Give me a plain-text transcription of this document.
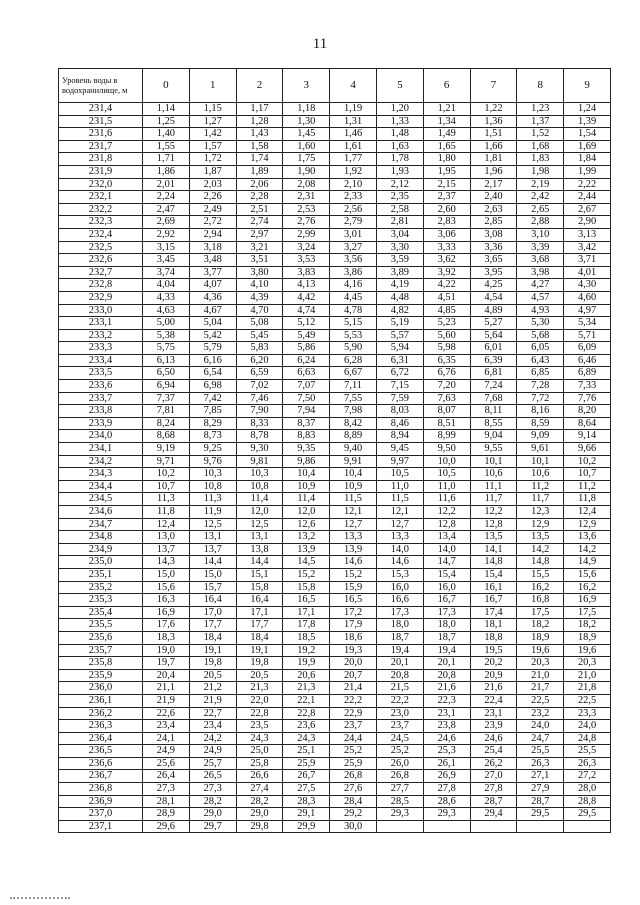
11
Уровень воды в водохранилище, м	0	1	2	3	4	5	6	7	8	9
231,4	1,14	1,15	1,17	1,18	1,19	1,20	1,21	1,22	1,23	1,24
231,5	1,25	1,27	1,28	1,30	1,31	1,33	1,34	1,36	1,37	1,39
231,6	1,40	1,42	1,43	1,45	1,46	1,48	1,49	1,51	1,52	1,54
231,7	1,55	1,57	1,58	1,60	1,61	1,63	1,65	1,66	1,68	1,69
231,8	1,71	1,72	1,74	1,75	1,77	1,78	1,80	1,81	1,83	1,84
231,9	1,86	1,87	1,89	1,90	1,92	1,93	1,95	1,96	1,98	1,99
232,0	2,01	2,03	2,06	2,08	2,10	2,12	2,15	2,17	2,19	2,22
232,1	2,24	2,26	2,28	2,31	2,33	2,35	2,37	2,40	2,42	2,44
232,2	2,47	2,49	2,51	2,53	2,56	2,58	2,60	2,63	2,65	2,67
232,3	2,69	2,72	2,74	2,76	2,79	2,81	2,83	2,85	2,88	2,90
232,4	2,92	2,94	2,97	2,99	3,01	3,04	3,06	3,08	3,10	3,13
232,5	3,15	3,18	3,21	3,24	3,27	3,30	3,33	3,36	3,39	3,42
232,6	3,45	3,48	3,51	3,53	3,56	3,59	3,62	3,65	3,68	3,71
232,7	3,74	3,77	3,80	3,83	3,86	3,89	3,92	3,95	3,98	4,01
232,8	4,04	4,07	4,10	4,13	4,16	4,19	4,22	4,25	4,27	4,30
232,9	4,33	4,36	4,39	4,42	4,45	4,48	4,51	4,54	4,57	4,60
233,0	4,63	4,67	4,70	4,74	4,78	4,82	4,85	4,89	4,93	4,97
233,1	5,00	5,04	5,08	5,12	5,15	5,19	5,23	5,27	5,30	5,34
233,2	5,38	5,42	5,45	5,49	5,53	5,57	5,60	5,64	5,68	5,71
233,3	5,75	5,79	5,83	5,86	5,90	5,94	5,98	6,01	6,05	6,09
233,4	6,13	6,16	6,20	6,24	6,28	6,31	6,35	6,39	6,43	6,46
233,5	6,50	6,54	6,59	6,63	6,67	6,72	6,76	6,81	6,85	6,89
233,6	6,94	6,98	7,02	7,07	7,11	7,15	7,20	7,24	7,28	7,33
233,7	7,37	7,42	7,46	7,50	7,55	7,59	7,63	7,68	7,72	7,76
233,8	7,81	7,85	7,90	7,94	7,98	8,03	8,07	8,11	8,16	8,20
233,9	8,24	8,29	8,33	8,37	8,42	8,46	8,51	8,55	8,59	8,64
234,0	8,68	8,73	8,78	8,83	8,89	8,94	8,99	9,04	9,09	9,14
234,1	9,19	9,25	9,30	9,35	9,40	9,45	9,50	9,55	9,61	9,66
234,2	9,71	9,76	9,81	9,86	9,91	9,97	10,0	10,1	10,1	10,2
234,3	10,2	10,3	10,3	10,4	10,4	10,5	10,5	10,6	10,6	10,7
234,4	10,7	10,8	10,8	10,9	10,9	11,0	11,0	11,1	11,2	11,2
234,5	11,3	11,3	11,4	11,4	11,5	11,5	11,6	11,7	11,7	11,8
234,6	11,8	11,9	12,0	12,0	12,1	12,1	12,2	12,2	12,3	12,4
234,7	12,4	12,5	12,5	12,6	12,7	12,7	12,8	12,8	12,9	12,9
234,8	13,0	13,1	13,1	13,2	13,3	13,3	13,4	13,5	13,5	13,6
234,9	13,7	13,7	13,8	13,9	13,9	14,0	14,0	14,1	14,2	14,2
235,0	14,3	14,4	14,4	14,5	14,6	14,6	14,7	14,8	14,8	14,9
235,1	15,0	15,0	15,1	15,2	15,2	15,3	15,4	15,4	15,5	15,6
235,2	15,6	15,7	15,8	15,8	15,9	16,0	16,0	16,1	16,2	16,2
235,3	16,3	16,4	16,4	16,5	16,5	16,6	16,7	16,7	16,8	16,9
235,4	16,9	17,0	17,1	17,1	17,2	17,3	17,3	17,4	17,5	17,5
235,5	17,6	17,7	17,7	17,8	17,9	18,0	18,0	18,1	18,2	18,2
235,6	18,3	18,4	18,4	18,5	18,6	18,7	18,7	18,8	18,9	18,9
235,7	19,0	19,1	19,1	19,2	19,3	19,4	19,4	19,5	19,6	19,6
235,8	19,7	19,8	19,8	19,9	20,0	20,1	20,1	20,2	20,3	20,3
235,9	20,4	20,5	20,5	20,6	20,7	20,8	20,8	20,9	21,0	21,0
236,0	21,1	21,2	21,3	21,3	21,4	21,5	21,6	21,6	21,7	21,8
236,1	21,9	21,9	22,0	22,1	22,2	22,2	22,3	22,4	22,5	22,5
236,2	22,6	22,7	22,8	22,8	22,9	23,0	23,1	23,1	23,2	23,3
236,3	23,4	23,4	23,5	23,6	23,7	23,7	23,8	23,9	24,0	24,0
236,4	24,1	24,2	24,3	24,3	24,4	24,5	24,6	24,6	24,7	24,8
236,5	24,9	24,9	25,0	25,1	25,2	25,2	25,3	25,4	25,5	25,5
236,6	25,6	25,7	25,8	25,9	25,9	26,0	26,1	26,2	26,3	26,3
236,7	26,4	26,5	26,6	26,7	26,8	26,8	26,9	27,0	27,1	27,2
236,8	27,3	27,3	27,4	27,5	27,6	27,7	27,8	27,8	27,9	28,0
236,9	28,1	28,2	28,2	28,3	28,4	28,5	28,6	28,7	28,7	28,8
237,0	28,9	29,0	29,0	29,1	29,2	29,3	29,3	29,4	29,5	29,5
237,1	29,6	29,7	29,8	29,9	30,0					
